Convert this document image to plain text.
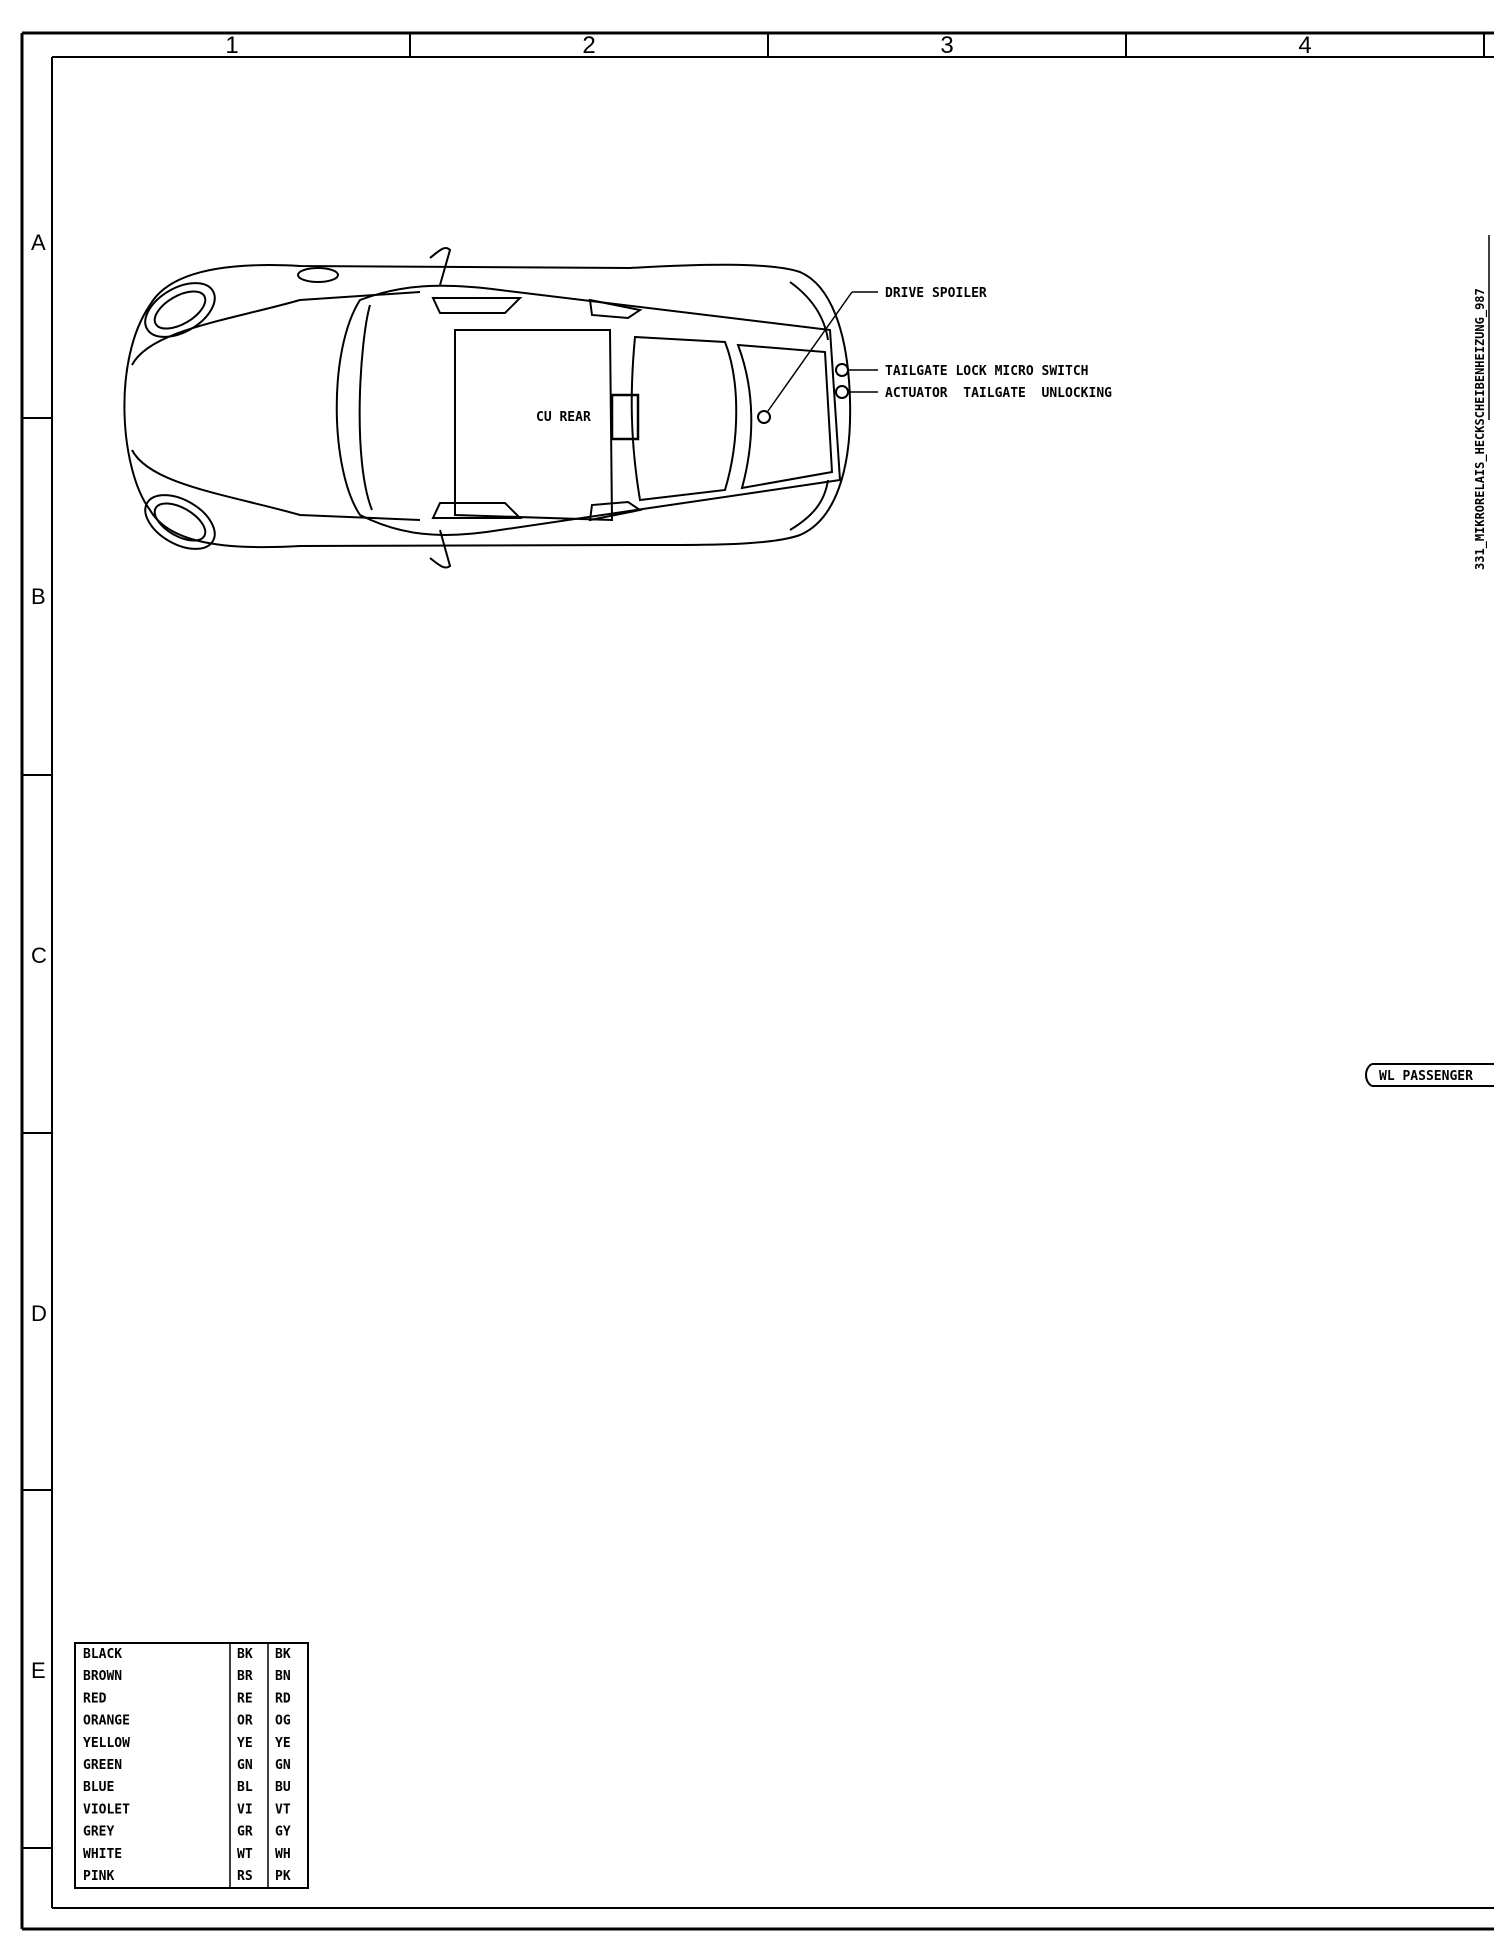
1	2	3	4
A
B
C
D
E
331_MIKRORELAIS_HECKSCHEIBENHEIZUNG_987
CU REAR
DRIVE SPOILER
TAILGATE LOCK MICRO SWITCH
ACTUATOR  TAILGATE  UNLOCKING
WL PASSENGER
BLACK	BK BK
BROWN	BR BN
RED	RE RD
ORANGE	OR OG
YELLOW	YE YE
GREEN	GN GN
BLUE	BL BU
VIOLET	VI VT
GREY	GR GY
WHITE	WT WH
PINK	RS PK
